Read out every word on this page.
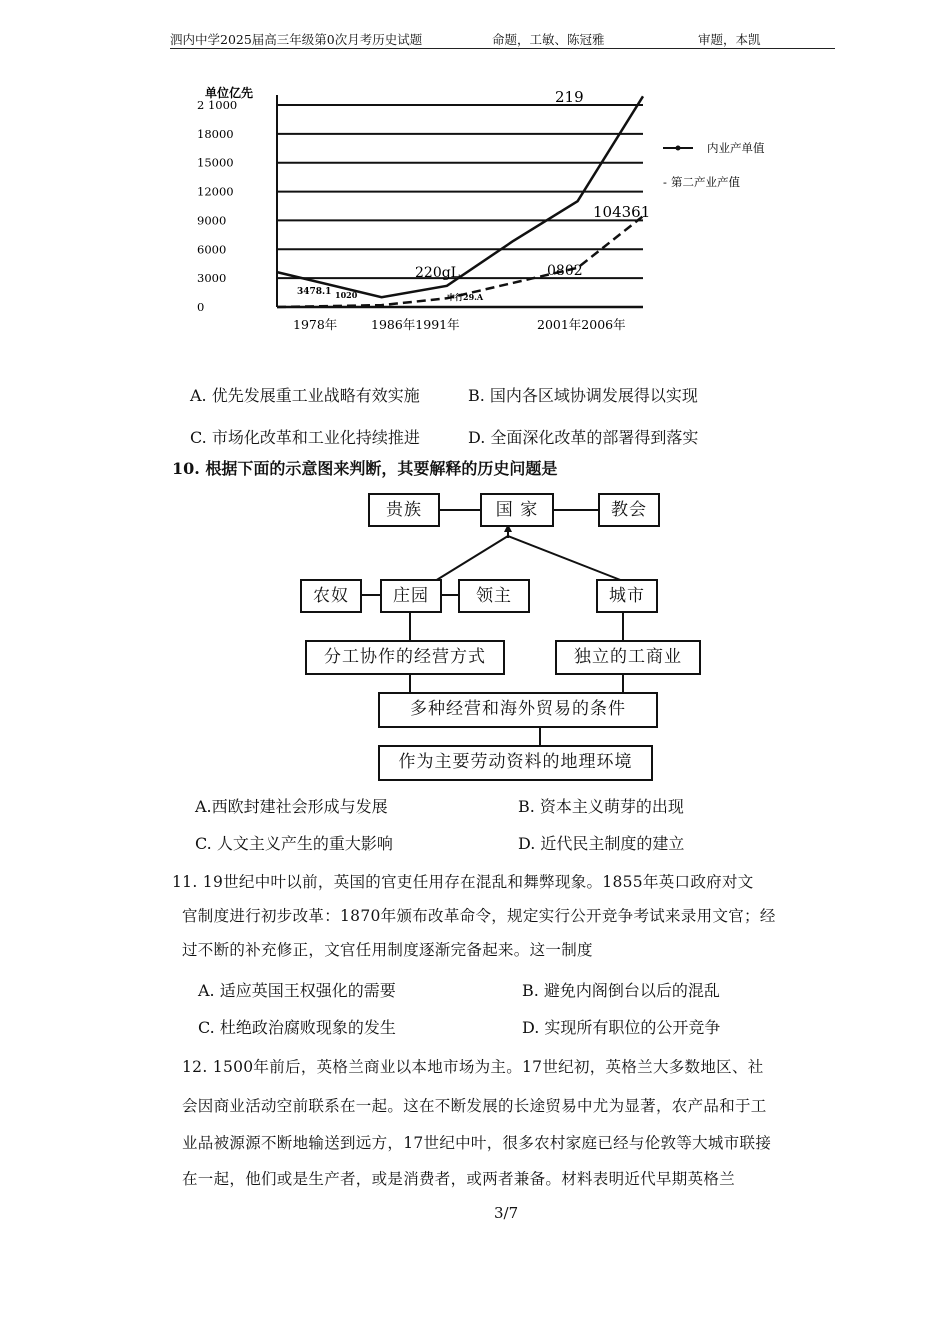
泗内中学2025届高三年级第0次月考历史试题	命题，工敏、陈冠雅	审题，本凯
2 1000
18000
15000
12000
9000
6000
3000
0
1978年	1986年1991年	2001年2006年
219
104361
220gL	0802
3478.1 1020	中行29.A
单位亿先
内业产单值
- 第二产业产值
A. 优先发展重工业战略有效实施	B. 国内各区域协调发展得以实现
C. 市场化改革和工业化持续推进	D. 全面深化改革的部署得到落实
10. 根据下面的示意图来判断，其要解释的历史问题是
贵族	国 家	教会
农奴	庄园	领主	城市
分工协作的经营方式	独立的工商业
多种经营和海外贸易的条件
作为主要劳动资料的地理环境
A.西欧封建社会形成与发展	B. 资本主义萌芽的出现
C. 人文主义产生的重大影响	D. 近代民主制度的建立
11. 19世纪中叶以前，英国的官吏任用存在混乱和舞弊现象。1855年英口政府对文
官制度进行初步改革：1870年颁布改革命令，规定实行公开竞争考试来录用文官；经
过不断的补充修正，文官任用制度逐渐完备起来。这一制度
A. 适应英国王权强化的需要	B. 避免内阁倒台以后的混乱
C. 杜绝政治腐败现象的发生	D. 实现所有职位的公开竞争
12. 1500年前后，英格兰商业以本地市场为主。17世纪初，英格兰大多数地区、社
会因商业活动空前联系在一起。这在不断发展的长途贸易中尤为显著，农产品和于工
业品被源源不断地输送到远方，17世纪中叶，很多农村家庭已经与伦敦等大城市联接
在一起，他们或是生产者，或是消费者，或两者兼备。材料表明近代早期英格兰
3/7
